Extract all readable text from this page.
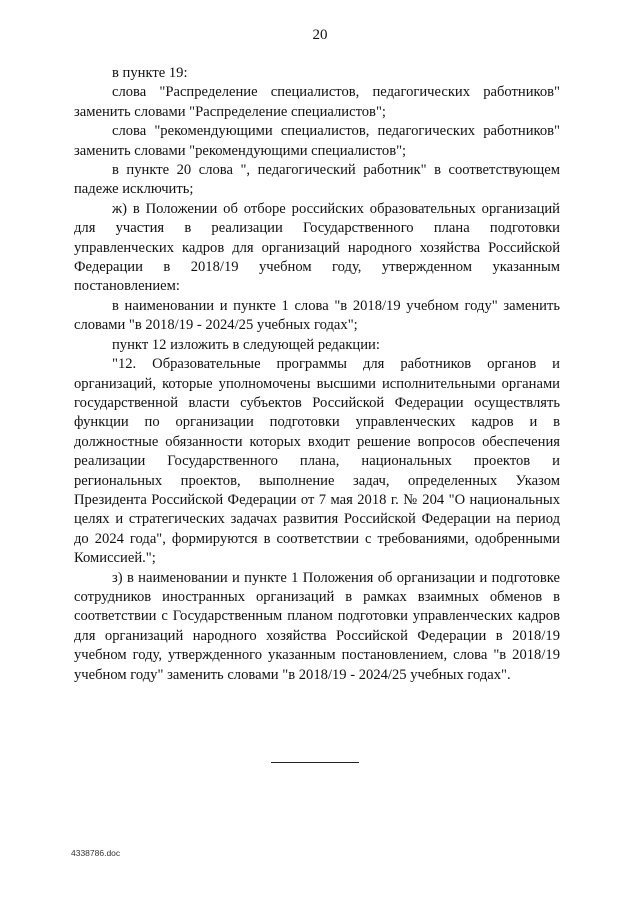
20

в пункте 19:

слова "Распределение специалистов, педагогических работников" заменить словами "Распределение специалистов";

слова "рекомендующими специалистов, педагогических работников" заменить словами "рекомендующими специалистов";

в пункте 20 слова ", педагогический работник" в соответствующем падеже исключить;

ж) в Положении об отборе российских образовательных организаций для участия в реализации Государственного плана подготовки управленческих кадров для организаций народного хозяйства Российской Федерации в 2018/19 учебном году, утвержденном указанным постановлением:

в наименовании и пункте 1 слова "в 2018/19 учебном году" заменить словами "в 2018/19 - 2024/25 учебных годах";

пункт 12 изложить в следующей редакции:

"12. Образовательные программы для работников органов и организаций, которые уполномочены высшими исполнительными органами государственной власти субъектов Российской Федерации осуществлять функции по организации подготовки управленческих кадров и в должностные обязанности которых входит решение вопросов обеспечения реализации Государственного плана, национальных проектов и региональных проектов, выполнение задач, определенных Указом Президента Российской Федерации от 7 мая 2018 г. № 204 "О национальных целях и стратегических задачах развития Российской Федерации на период до 2024 года", формируются в соответствии с требованиями, одобренными Комиссией.";

з) в наименовании и пункте 1 Положения об организации и подготовке сотрудников иностранных организаций в рамках взаимных обменов в соответствии с Государственным планом подготовки управленческих кадров для организаций народного хозяйства Российской Федерации в 2018/19 учебном году, утвержденного указанным постановлением, слова "в 2018/19 учебном году" заменить словами "в 2018/19 - 2024/25 учебных годах".

4338786.doc
